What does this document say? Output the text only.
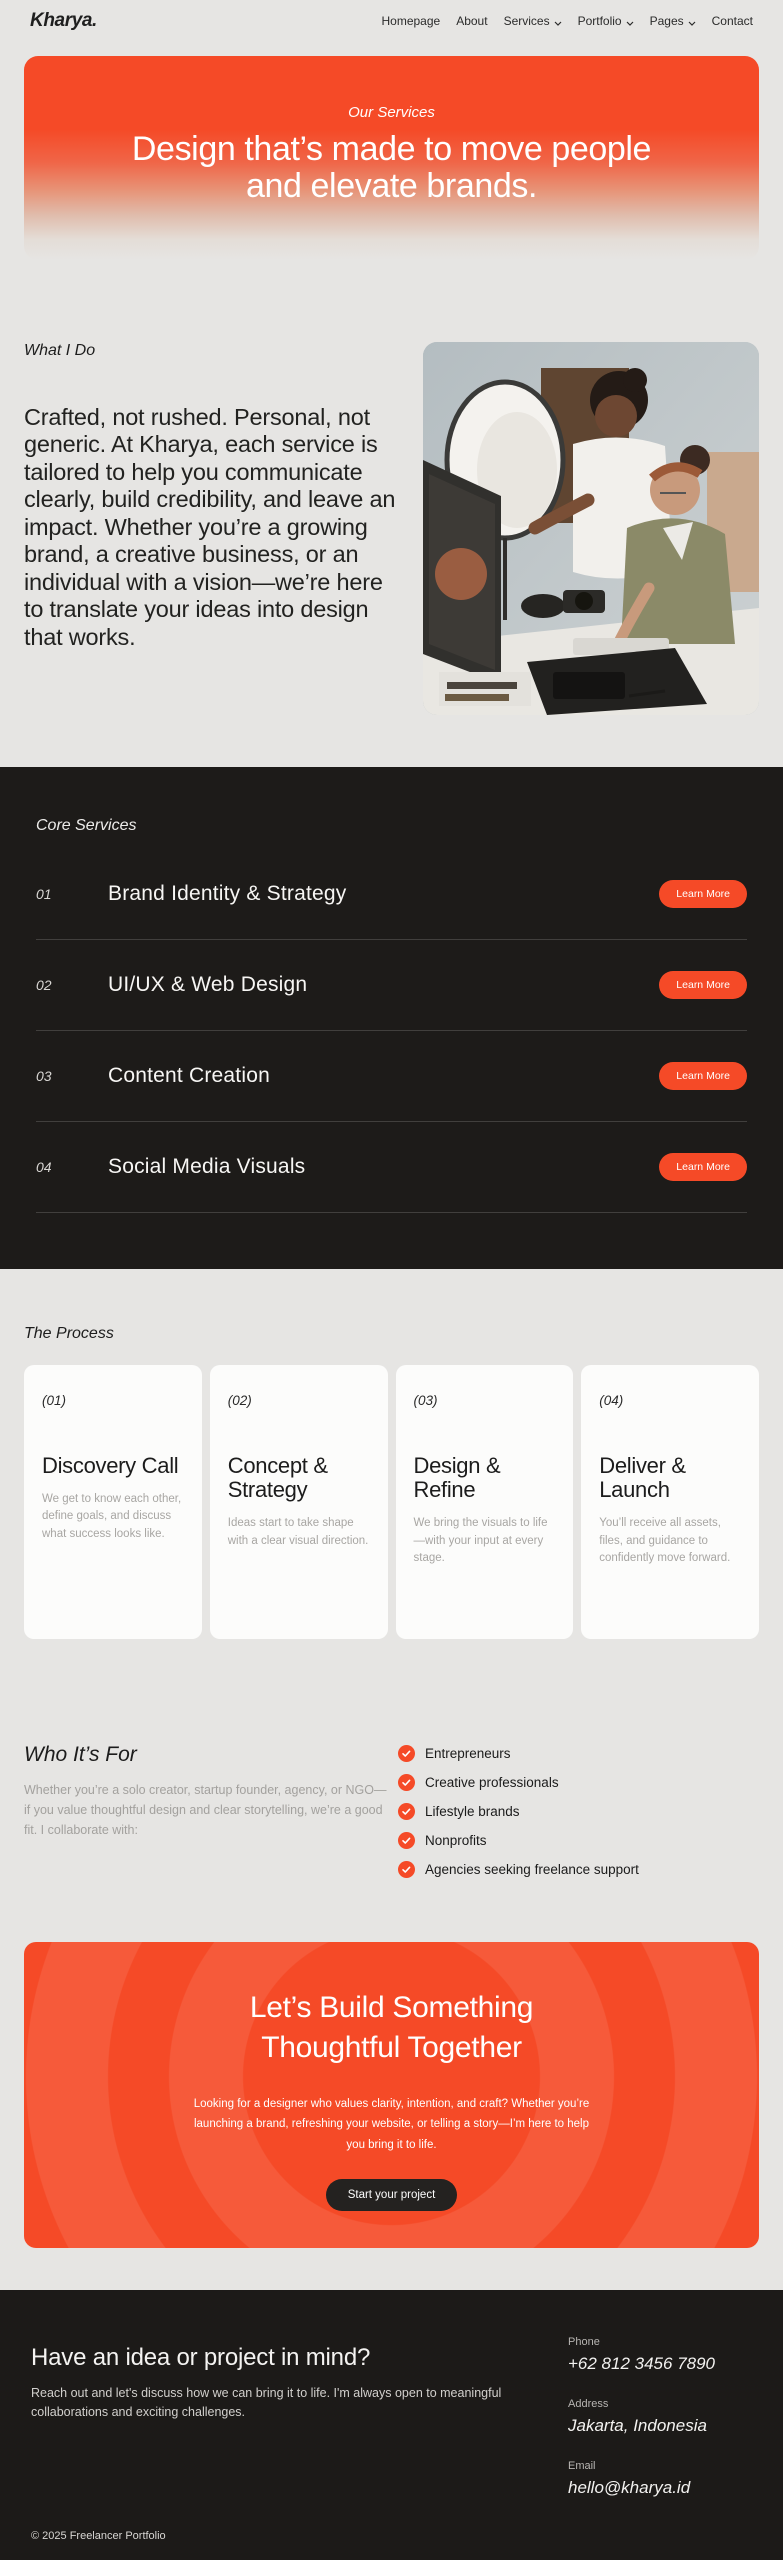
Kharya.	Homepage About Services Portfolio Pages Contact
Our Services
Design that’s made to move people
and elevate brands.
What I Do
Crafted, not rushed. Personal, not generic. At Kharya, each service is tailored to help you communicate clearly, build credibility, and leave an impact. Whether you’re a growing brand, a creative business, or an individual with a vision—we’re here to translate your ideas into design that works.
Core Services
01	Brand Identity & Strategy	Learn More
02	UI/UX & Web Design	Learn More
03	Content Creation	Learn More
04	Social Media Visuals	Learn More
The Process
(01)
Discovery Call
We get to know each other, define goals, and discuss what success looks like.
(02)
Concept & Strategy
Ideas start to take shape with a clear visual direction.
(03)
Design & Refine
We bring the visuals to life—with your input at every stage.
(04)
Deliver & Launch
You’ll receive all assets, files, and guidance to confidently move forward.
Who It’s For
Whether you’re a solo creator, startup founder, agency, or NGO—if you value thoughtful design and clear storytelling, we’re a good fit. I collaborate with:
Entrepreneurs
Creative professionals
Lifestyle brands
Nonprofits
Agencies seeking freelance support
Let’s Build Something
Thoughtful Together
Looking for a designer who values clarity, intention, and craft? Whether you’re launching a brand, refreshing your website, or telling a story—I’m here to help you bring it to life.
Start your project
Have an idea or project in mind?
Reach out and let's discuss how we can bring it to life. I'm always open to meaningful collaborations and exciting challenges.
Phone
+62 812 3456 7890
Address
Jakarta, Indonesia
Email
hello@kharya.id
© 2025 Freelancer Portfolio
